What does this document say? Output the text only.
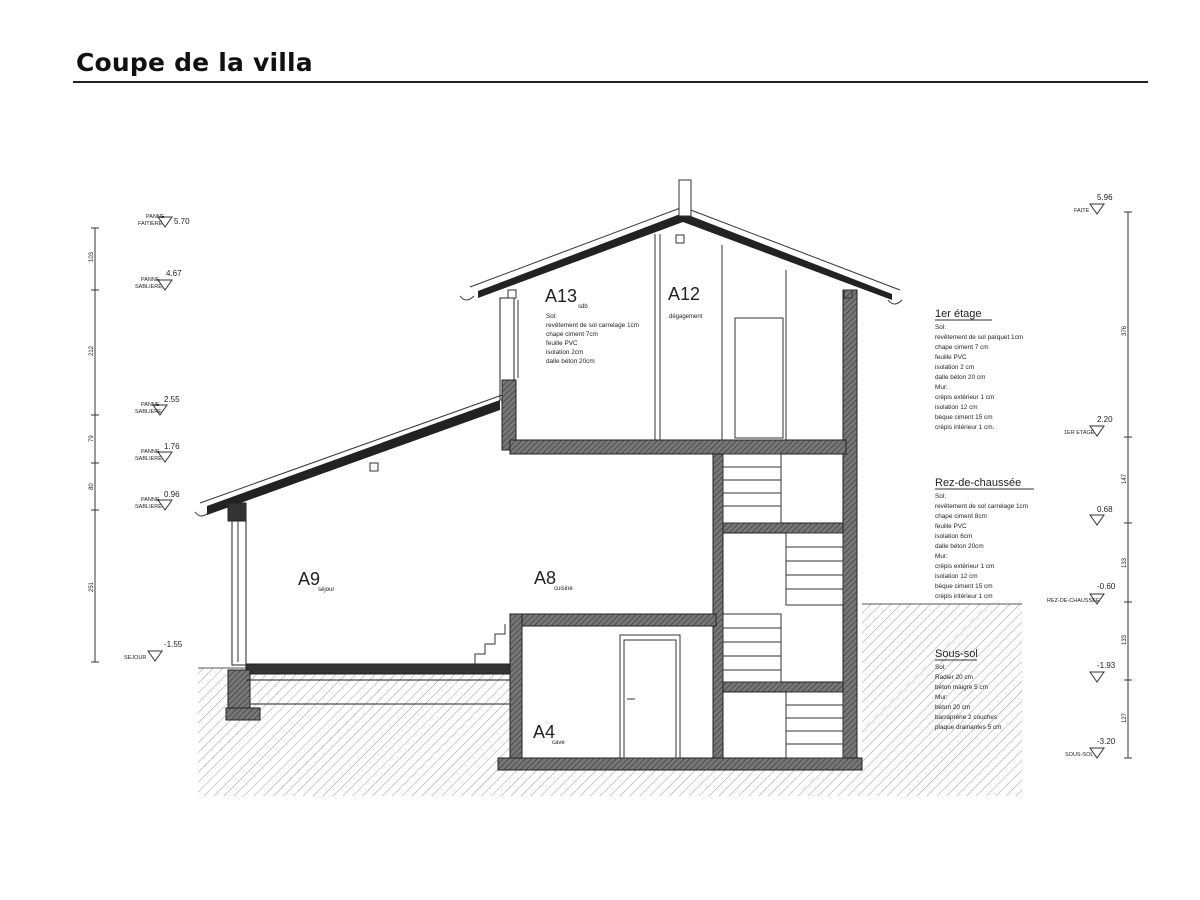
Coupe de la villa
A13
sdb
A12
dégagement
A9
séjour
A8
cuisine
A4
cave
Sol:
revêtement de sol carrelage 1cm
chape ciment 7cm
feuille PVC
isolation 2cm
dalle béton 20cm
1er étage
Sol:
revêtement de sol parquet 1cm
chape ciment 7 cm
feuille PVC
isolation 2 cm
dalle béton 20 cm
Mur:
crépis extérieur 1 cm
isolation 12 cm
bèque ciment 15 cm
crépis intérieur 1 cm.
Rez-de-chaussée
Sol:
revêtement de sol carrelage 1cm
chape ciment 8cm
feuille PVC
isolation 6cm
dalle béton 20cm
Mur:
crépis extérieur 1 cm
isolation 12 cm
bèque ciment 15 cm
crépis intérieur 1 cm
Sous-sol
Sol:
Radier 20 cm
béton maigre 5 cm
Mur:
béton 20 cm
barraprène 2 couches
plaque drainantes 5 cm
103
212
79
80
251
PANNE
FAITIERE 5.70
PANNE
SABLIERE
4.67
PANNE
SABLIERE
2.55
PANNE
SABLIERE
1.76
PANNE
SABLIERE
0.96
SEJOUR
-1.55
376
147
133
133
127
FAITE
5.96
1ER ETAGE
2.20
0.68
REZ-DE-CHAUSSEE
-0.60
-1.93
SOUS-SOL
-3.20
